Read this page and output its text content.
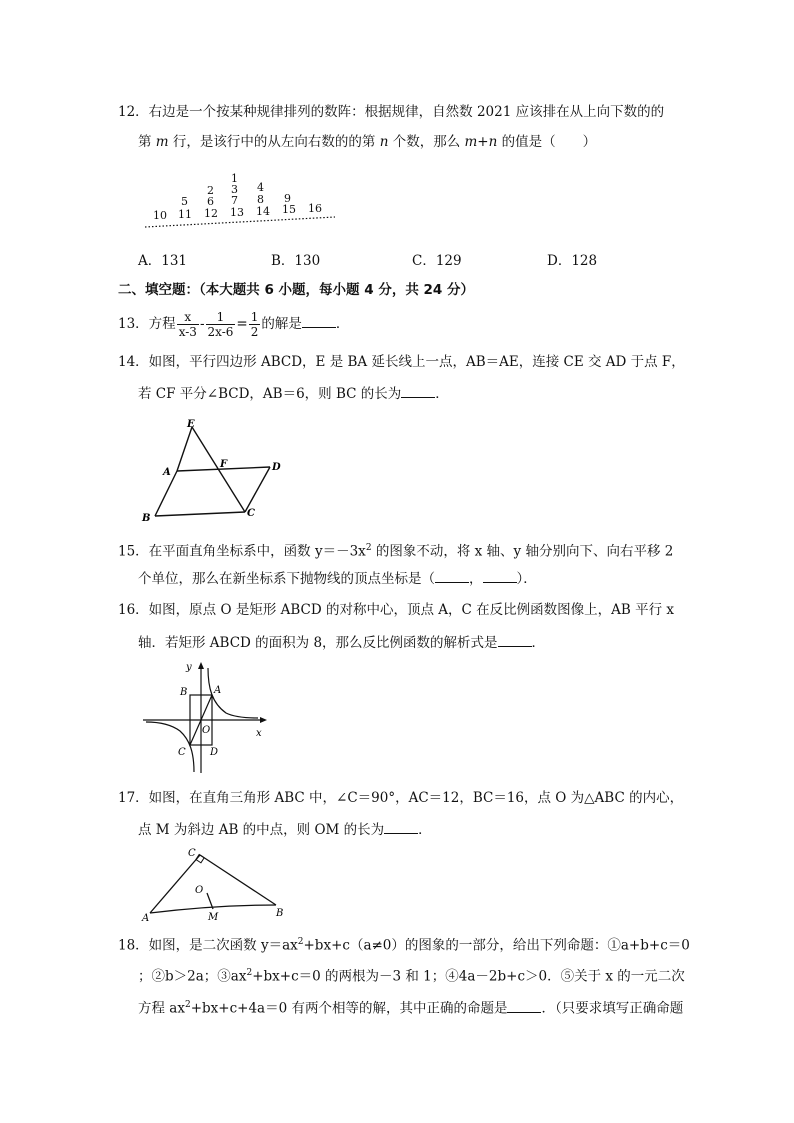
12．右边是一个按某种规律排列的数阵：根据规律，自然数 2021 应该排在从上向下数的的
第 m 行，是该行中的从左向右数的的第 n 个数，那么 m+n 的值是（　　）
1
2 3 4
5 6 7 8 9
10 11 12 13 14 15 16
A．131	B．130	C．129	D．128
二、填空题：（本大题共 6 小题，每小题 4 分，共 24 分）
13．方程 $\frac{x}{x-3} - \frac{1}{2x-6} = \frac{1}{2}$ 的解是	．
14．如图，平行四边形 ABCD，E 是 BA 延长线上一点，AB＝AE，连接 CE 交 AD 于点 F，
若 CF 平分∠BCD，AB＝6，则 BC 的长为	．
E
A
F	D
B	C
15．在平面直角坐标系中，函数 $y=-3x^2$ 的图象不动，将 x 轴、y 轴分别向下、向右平移 2
个单位，那么在新坐标系下抛物线的顶点坐标是（	，	）．
16．如图，原点 O 是矩形 ABCD 的对称中心，顶点 A，C 在反比例函数图像上，AB 平行 x
轴．若矩形 ABCD 的面积为 8，那么反比例函数的解析式是	．
y
B	A
O	x
C D
17．如图，在直角三角形 ABC 中，∠C＝90°，AC＝12，BC＝16，点 O 为△ABC 的内心，
点 M 为斜边 AB 的中点，则 OM 的长为	．
C
O
A	M	B
18．如图，是二次函数 $y=ax^2+bx+c(a\ne 0)$的图象的一部分，给出下列命题：①a+b+c＝0
；②b＞2a；$③ax^2+bx+c=0$ 的两根为－3 和 1；④4a－2b+c＞0．⑤关于 x 的一元二次
方程 $ax^2+bx+c+4a=0$ 有两个相等的解，其中正确的命题是	．（只要求填写正确命题
